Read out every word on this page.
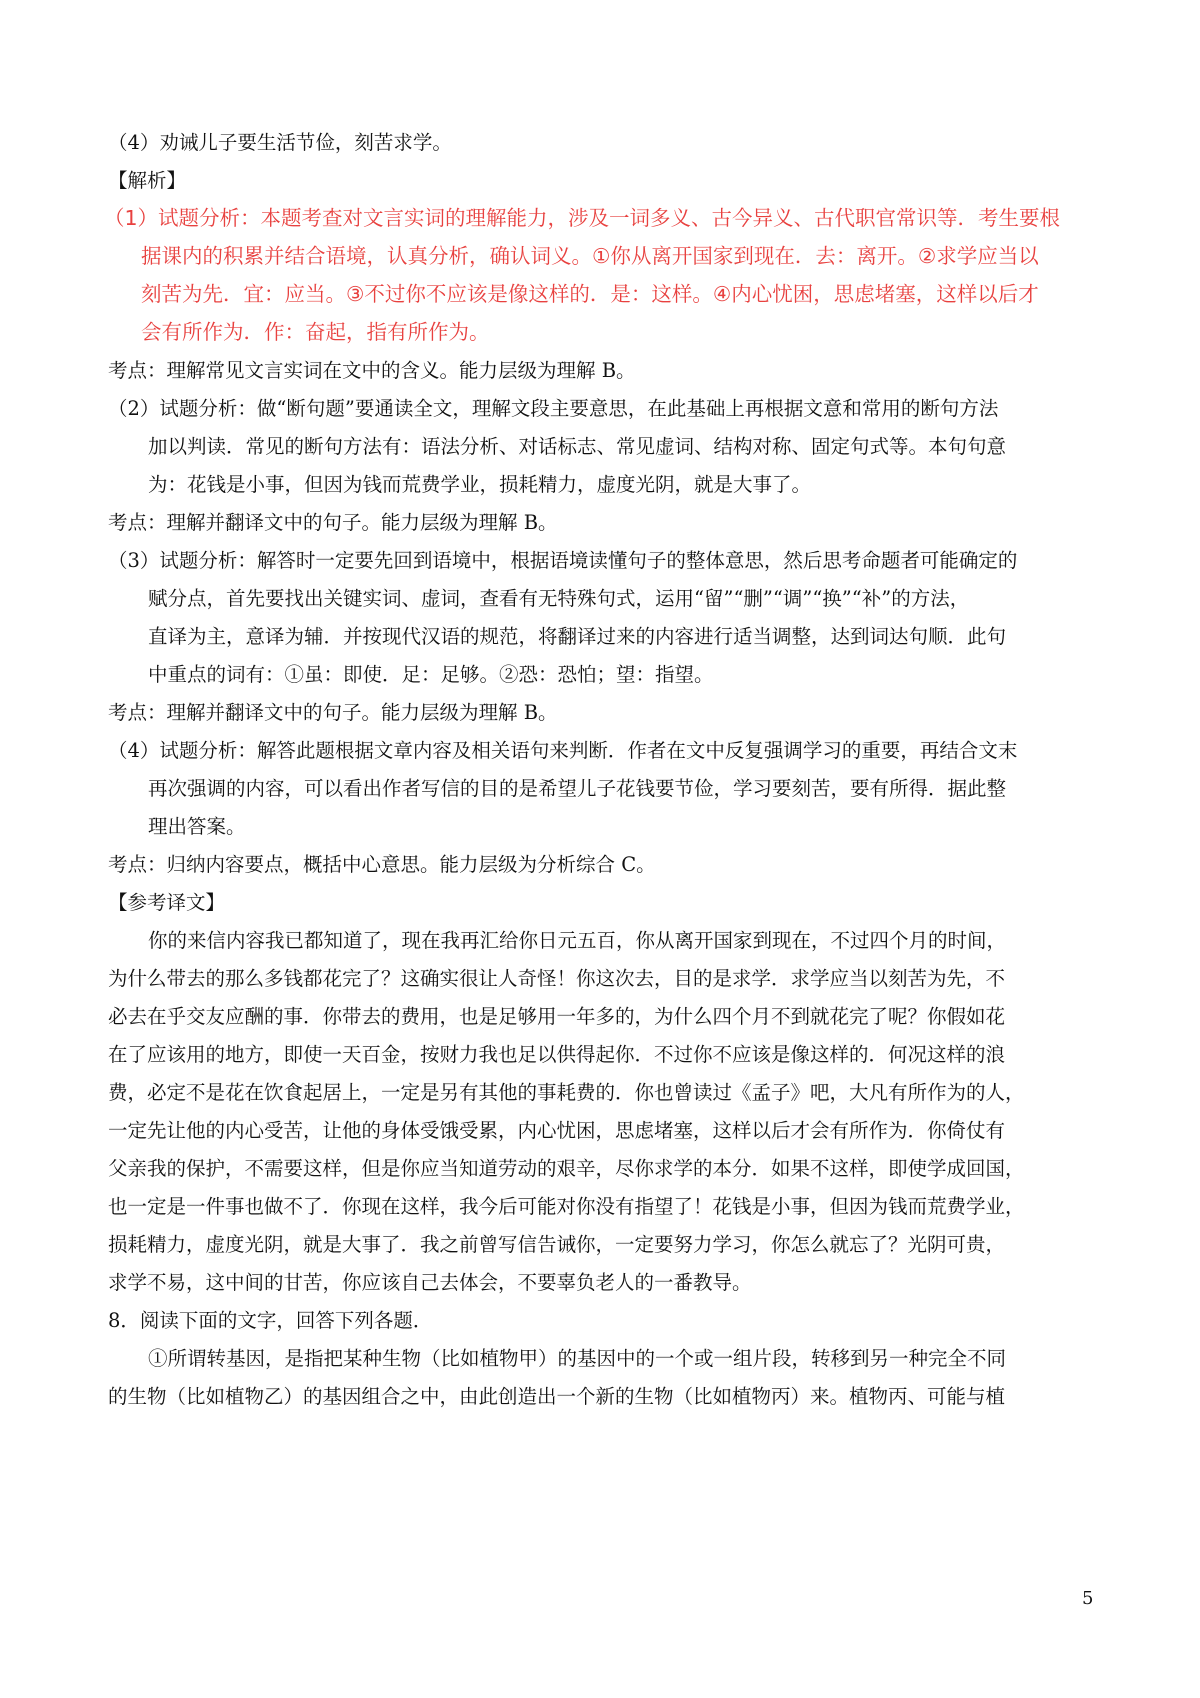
（4）劝诫儿子要生活节俭，刻苦求学。
【解析】
（1）试题分析：本题考查对文言实词的理解能力，涉及一词多义、古今异义、古代职官常识等．考生要根
据课内的积累并结合语境，认真分析，确认词义。①你从离开国家到现在．去：离开。②求学应当以
刻苦为先．宜：应当。③不过你不应该是像这样的．是：这样。④内心忧困，思虑堵塞，这样以后才
会有所作为．作：奋起，指有所作为。
考点：理解常见文言实词在文中的含义。能力层级为理解 B。
（2）试题分析：做“断句题”要通读全文，理解文段主要意思，在此基础上再根据文意和常用的断句方法
加以判读．常见的断句方法有：语法分析、对话标志、常见虚词、结构对称、固定句式等。本句句意
为：花钱是小事，但因为钱而荒费学业，损耗精力，虚度光阴，就是大事了。
考点：理解并翻译文中的句子。能力层级为理解 B。
（3）试题分析：解答时一定要先回到语境中，根据语境读懂句子的整体意思，然后思考命题者可能确定的
赋分点，首先要找出关键实词、虚词，查看有无特殊句式，运用“留”“删”“调”“换”“补”的方法，
直译为主，意译为辅．并按现代汉语的规范，将翻译过来的内容进行适当调整，达到词达句顺．此句
中重点的词有：①虽：即使．足：足够。②恐：恐怕；望：指望。
考点：理解并翻译文中的句子。能力层级为理解 B。
（4）试题分析：解答此题根据文章内容及相关语句来判断．作者在文中反复强调学习的重要，再结合文末
再次强调的内容，可以看出作者写信的目的是希望儿子花钱要节俭，学习要刻苦，要有所得．据此整
理出答案。
考点：归纳内容要点，概括中心意思。能力层级为分析综合 C。
【参考译文】
你的来信内容我已都知道了，现在我再汇给你日元五百，你从离开国家到现在，不过四个月的时间，
为什么带去的那么多钱都花完了？这确实很让人奇怪！你这次去，目的是求学．求学应当以刻苦为先，不
必去在乎交友应酬的事．你带去的费用，也是足够用一年多的，为什么四个月不到就花完了呢？你假如花
在了应该用的地方，即使一天百金，按财力我也足以供得起你．不过你不应该是像这样的．何况这样的浪
费，必定不是花在饮食起居上，一定是另有其他的事耗费的．你也曾读过《孟子》吧，大凡有所作为的人，
一定先让他的内心受苦，让他的身体受饿受累，内心忧困，思虑堵塞，这样以后才会有所作为．你倚仗有
父亲我的保护，不需要这样，但是你应当知道劳动的艰辛，尽你求学的本分．如果不这样，即使学成回国，
也一定是一件事也做不了．你现在这样，我今后可能对你没有指望了！花钱是小事，但因为钱而荒费学业，
损耗精力，虚度光阴，就是大事了．我之前曾写信告诫你，一定要努力学习，你怎么就忘了？光阴可贵，
求学不易，这中间的甘苦，你应该自己去体会，不要辜负老人的一番教导。
8．阅读下面的文字，回答下列各题．
①所谓转基因，是指把某种生物（比如植物甲）的基因中的一个或一组片段，转移到另一种完全不同
的生物（比如植物乙）的基因组合之中，由此创造出一个新的生物（比如植物丙）来。植物丙、可能与植
5
